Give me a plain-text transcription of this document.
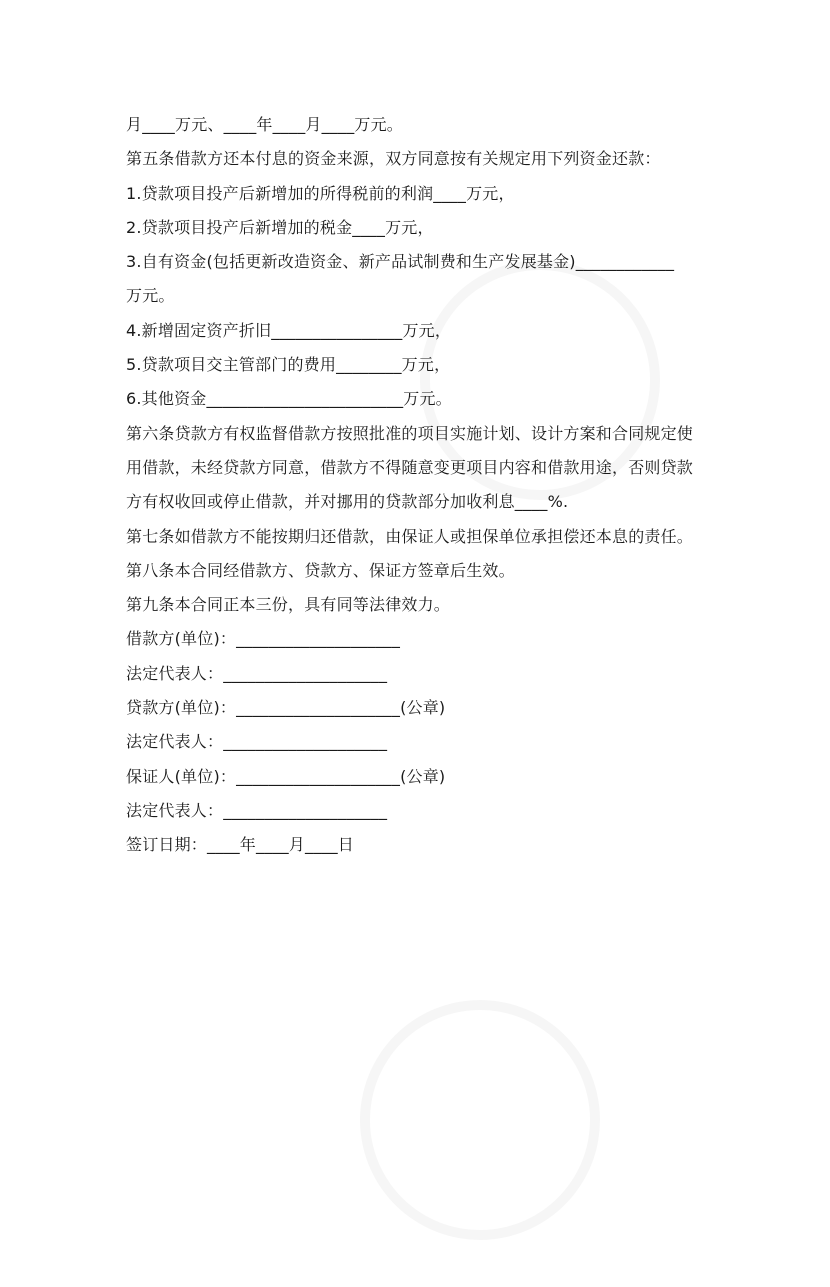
月____万元、____年____月____万元。
第五条借款方还本付息的资金来源，双方同意按有关规定用下列资金还款：
1.贷款项目投产后新增加的所得税前的利润____万元，
2.贷款项目投产后新增加的税金____万元，
3.自有资金(包括更新改造资金、新产品试制费和生产发展基金)____________
万元。
4.新增固定资产折旧________________万元，
5.贷款项目交主管部门的费用________万元，
6.其他资金________________________万元。
第六条贷款方有权监督借款方按照批准的项目实施计划、设计方案和合同规定使
用借款，未经贷款方同意，借款方不得随意变更项目内容和借款用途，否则贷款
方有权收回或停止借款，并对挪用的贷款部分加收利息____%.
第七条如借款方不能按期归还借款，由保证人或担保单位承担偿还本息的责任。
第八条本合同经借款方、贷款方、保证方签章后生效。
第九条本合同正本三份，具有同等法律效力。
借款方(单位)：____________________
法定代表人：____________________
贷款方(单位)：____________________(公章)
法定代表人：____________________
保证人(单位)：____________________(公章)
法定代表人：____________________
签订日期：____年____月____日
